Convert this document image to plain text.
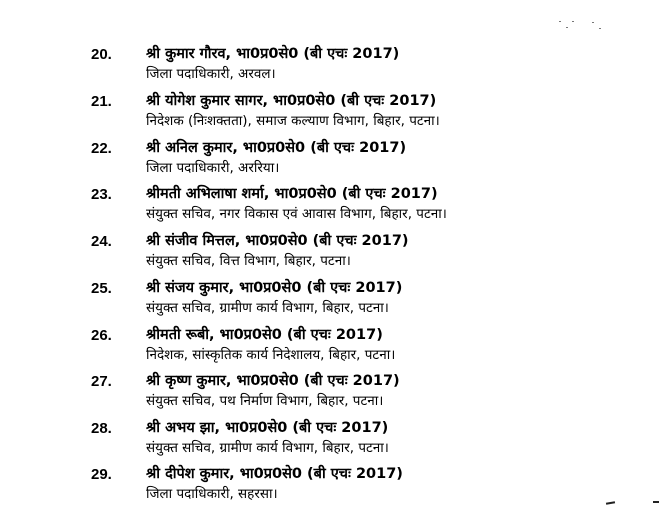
20. श्री कुमार गौरव, भा0प्र0से0 (बी एचः 2017)
जिला पदाधिकारी, अरवल।
21. श्री योगेश कुमार सागर, भा0प्र0से0 (बी एचः 2017)
निदेशक (निःशक्तता), समाज कल्याण विभाग, बिहार, पटना।
22. श्री अनिल कुमार, भा0प्र0से0 (बी एचः 2017)
जिला पदाधिकारी, अररिया।
23. श्रीमती अभिलाषा शर्मा, भा0प्र0से0 (बी एचः 2017)
संयुक्त सचिव, नगर विकास एवं आवास विभाग, बिहार, पटना।
24. श्री संजीव मित्तल, भा0प्र0से0 (बी एचः 2017)
संयुक्त सचिव, वित्त विभाग, बिहार, पटना।
25. श्री संजय कुमार, भा0प्र0से0 (बी एचः 2017)
संयुक्त सचिव, ग्रामीण कार्य विभाग, बिहार, पटना।
26. श्रीमती रूबी, भा0प्र0से0 (बी एचः 2017)
निदेशक, सांस्कृतिक कार्य निदेशालय, बिहार, पटना।
27. श्री कृष्ण कुमार, भा0प्र0से0 (बी एचः 2017)
संयुक्त सचिव, पथ निर्माण विभाग, बिहार, पटना।
28. श्री अभय झा, भा0प्र0से0 (बी एचः 2017)
संयुक्त सचिव, ग्रामीण कार्य विभाग, बिहार, पटना।
29. श्री दीपेश कुमार, भा0प्र0से0 (बी एचः 2017)
जिला पदाधिकारी, सहरसा।
